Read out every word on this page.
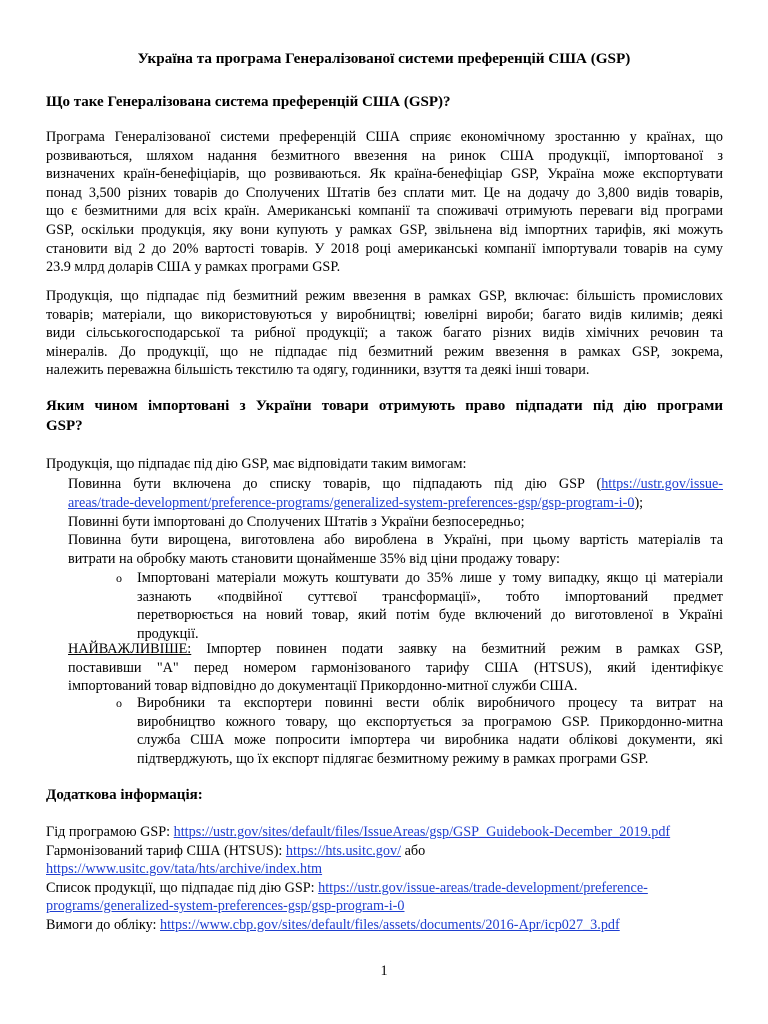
Україна та програма Генералізованої системи преференцій США (GSP)
Що таке Генералізована система преференцій США (GSP)?

Програма Генералізованої системи преференцій США сприяє економічному зростанню у країнах, що

розвиваються, шляхом надання безмитного ввезення на ринок США продукції, імпортованої з

визначених країн-бенефіціарів, що розвиваються. Як країна-бенефіціар GSP, Україна може експортувати

понад 3,500 різних товарів до Сполучених Штатів без сплати мит. Це на додачу до 3,800 видів товарів,

що є безмитними для всіх країн. Американські компанії та споживачі отримують переваги від програми

GSP, оскільки продукція, яку вони купують у рамках GSP, звільнена від імпортних тарифів, які можуть

становити від 2 до 20% вартості товарів. У 2018 році американські компанії імпортували товарів на суму

23.9 млрд доларів США у рамках програми GSP.

Продукція, що підпадає під безмитний режим ввезення в рамках GSP, включає: більшість промислових

товарів; матеріали, що використовуються у виробництві; ювелірні вироби; багато видів килимів; деякі

види сільськогосподарської та рибної продукції; а також багато різних видів хімічних речовин та

мінералів. До продукції, що не підпадає під безмитний режим ввезення в рамках GSP, зокрема,

належить переважна більшість текстилю та одягу, годинники, взуття та деякі інші товари.

Яким чином імпортовані з України товари отримують право підпадати під дію програми
GSP?

Продукція, що підпадає під дію GSP, має відповідати таким вимогам:

Повинна бути включена до списку товарів, що підпадають під дію GSP (https://ustr.gov/issue-

areas/trade-development/preference-programs/generalized-system-preferences-gsp/gsp-program-i-0);

Повинні бути імпортовані до Сполучених Штатів з України безпосередньо;

Повинна бути вирощена, виготовлена або вироблена в Україні, при цьому вартість матеріалів та

витрати на обробку мають становити щонайменше 35% від ціни продажу товару:

o	Імпортовані матеріали можуть коштувати до 35% лише у тому випадку, якщо ці матеріали

зазнають «подвійної суттєвої трансформації», тобто імпортований предмет

перетворюється на новий товар, який потім буде включений до виготовленої в Україні

продукції.

НАЙВАЖЛИВІШЕ: Імпортер повинен подати заявку на безмитний режим в рамках GSP,

поставивши "A" перед номером гармонізованого тарифу США (HTSUS), який ідентифікує

імпортований товар відповідно до документації Прикордонно-митної служби США.

o	Виробники та експортери повинні вести облік виробничого процесу та витрат на

виробництво кожного товару, що експортується за програмою GSP. Прикордонно-митна

служба США може попросити імпортера чи виробника надати облікові документи, які

підтверджують, що їх експорт підлягає безмитному режиму в рамках програми GSP.

Додаткова інформація:

Гід програмою GSP: https://ustr.gov/sites/default/files/IssueAreas/gsp/GSP_Guidebook-December_2019.pdf

Гармонізований тариф США (HTSUS): https://hts.usitc.gov/ або

https://www.usitc.gov/tata/hts/archive/index.htm

Список продукції, що підпадає під дію GSP: https://ustr.gov/issue-areas/trade-development/preference-

programs/generalized-system-preferences-gsp/gsp-program-i-0

Вимоги до обліку: https://www.cbp.gov/sites/default/files/assets/documents/2016-Apr/icp027_3.pdf

1
